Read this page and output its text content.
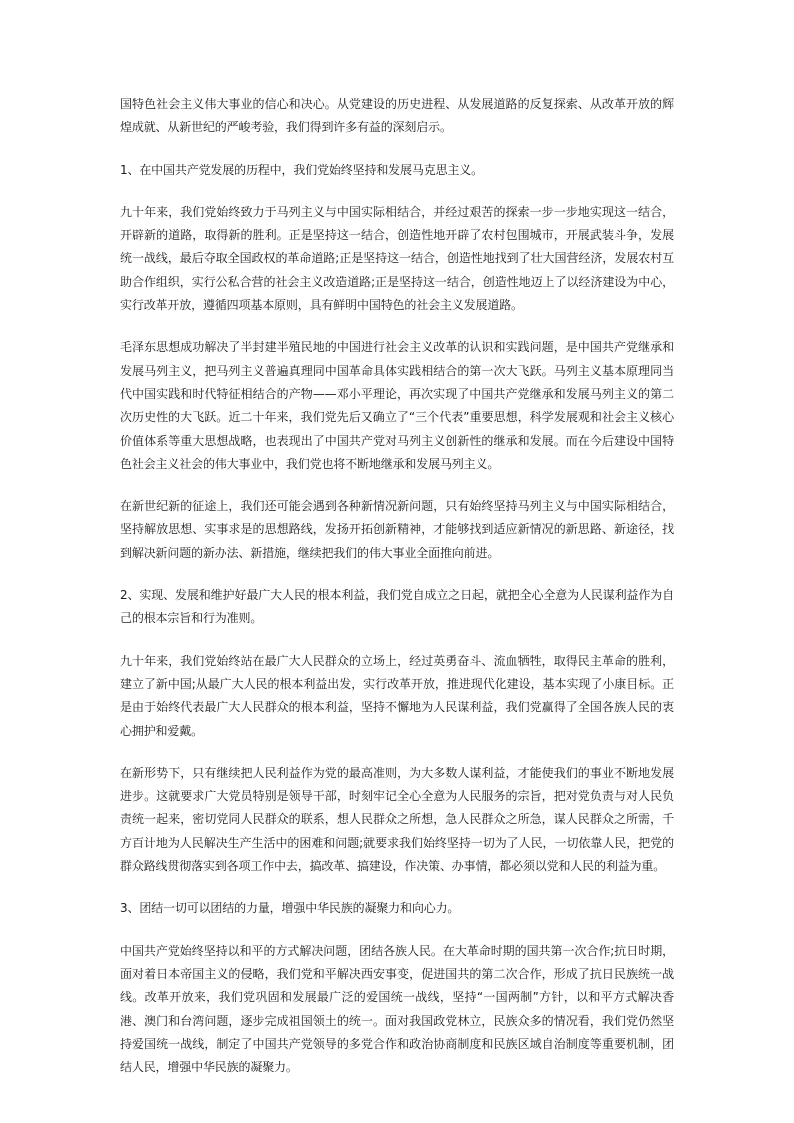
国特色社会主义伟大事业的信心和决心。从党建设的历史进程、从发展道路的反复探索、从改革开放的辉煌成就、从新世纪的严峻考验，我们得到许多有益的深刻启示。

1、在中国共产党发展的历程中，我们党始终坚持和发展马克思主义。

九十年来，我们党始终致力于马列主义与中国实际相结合，并经过艰苦的探索一步一步地实现这一结合，开辟新的道路，取得新的胜利。正是坚持这一结合，创造性地开辟了农村包围城市，开展武装斗争，发展统一战线，最后夺取全国政权的革命道路;正是坚持这一结合，创造性地找到了壮大国营经济，发展农村互助合作组织，实行公私合营的社会主义改造道路;正是坚持这一结合，创造性地迈上了以经济建设为中心，实行改革开放，遵循四项基本原则，具有鲜明中国特色的社会主义发展道路。

毛泽东思想成功解决了半封建半殖民地的中国进行社会主义改革的认识和实践问题，是中国共产党继承和发展马列主义，把马列主义普遍真理同中国革命具体实践相结合的第一次大飞跃。马列主义基本原理同当代中国实践和时代特征相结合的产物——邓小平理论，再次实现了中国共产党继承和发展马列主义的第二次历史性的大飞跃。近二十年来，我们党先后又确立了“三个代表”重要思想，科学发展观和社会主义核心价值体系等重大思想战略，也表现出了中国共产党对马列主义创新性的继承和发展。而在今后建设中国特色社会主义社会的伟大事业中，我们党也将不断地继承和发展马列主义。

在新世纪新的征途上，我们还可能会遇到各种新情况新问题，只有始终坚持马列主义与中国实际相结合，坚持解放思想、实事求是的思想路线，发扬开拓创新精神，才能够找到适应新情况的新思路、新途径，找到解决新问题的新办法、新措施，继续把我们的伟大事业全面推向前进。

2、实现、发展和维护好最广大人民的根本利益，我们党自成立之日起，就把全心全意为人民谋利益作为自己的根本宗旨和行为准则。

九十年来，我们党始终站在最广大人民群众的立场上，经过英勇奋斗、流血牺牲，取得民主革命的胜利，建立了新中国;从最广大人民的根本利益出发，实行改革开放，推进现代化建设，基本实现了小康目标。正是由于始终代表最广大人民群众的根本利益，坚持不懈地为人民谋利益，我们党赢得了全国各族人民的衷心拥护和爱戴。

在新形势下，只有继续把人民利益作为党的最高准则，为大多数人谋利益，才能使我们的事业不断地发展进步。这就要求广大党员特别是领导干部，时刻牢记全心全意为人民服务的宗旨，把对党负责与对人民负责统一起来，密切党同人民群众的联系，想人民群众之所想，急人民群众之所急，谋人民群众之所需，千方百计地为人民解决生产生活中的困难和问题;就要求我们始终坚持一切为了人民，一切依靠人民，把党的群众路线贯彻落实到各项工作中去，搞改革、搞建设，作决策、办事情，都必须以党和人民的利益为重。

3、团结一切可以团结的力量，增强中华民族的凝聚力和向心力。

中国共产党始终坚持以和平的方式解决问题，团结各族人民。在大革命时期的国共第一次合作;抗日时期，面对着日本帝国主义的侵略，我们党和平解决西安事变，促进国共的第二次合作，形成了抗日民族统一战线。改革开放来，我们党巩固和发展最广泛的爱国统一战线，坚持“一国两制”方针，以和平方式解决香港、澳门和台湾问题，逐步完成祖国领土的统一。面对我国政党林立，民族众多的情况看，我们党仍然坚持爱国统一战线，制定了中国共产党领导的多党合作和政治协商制度和民族区域自治制度等重要机制，团结人民，增强中华民族的凝聚力。
